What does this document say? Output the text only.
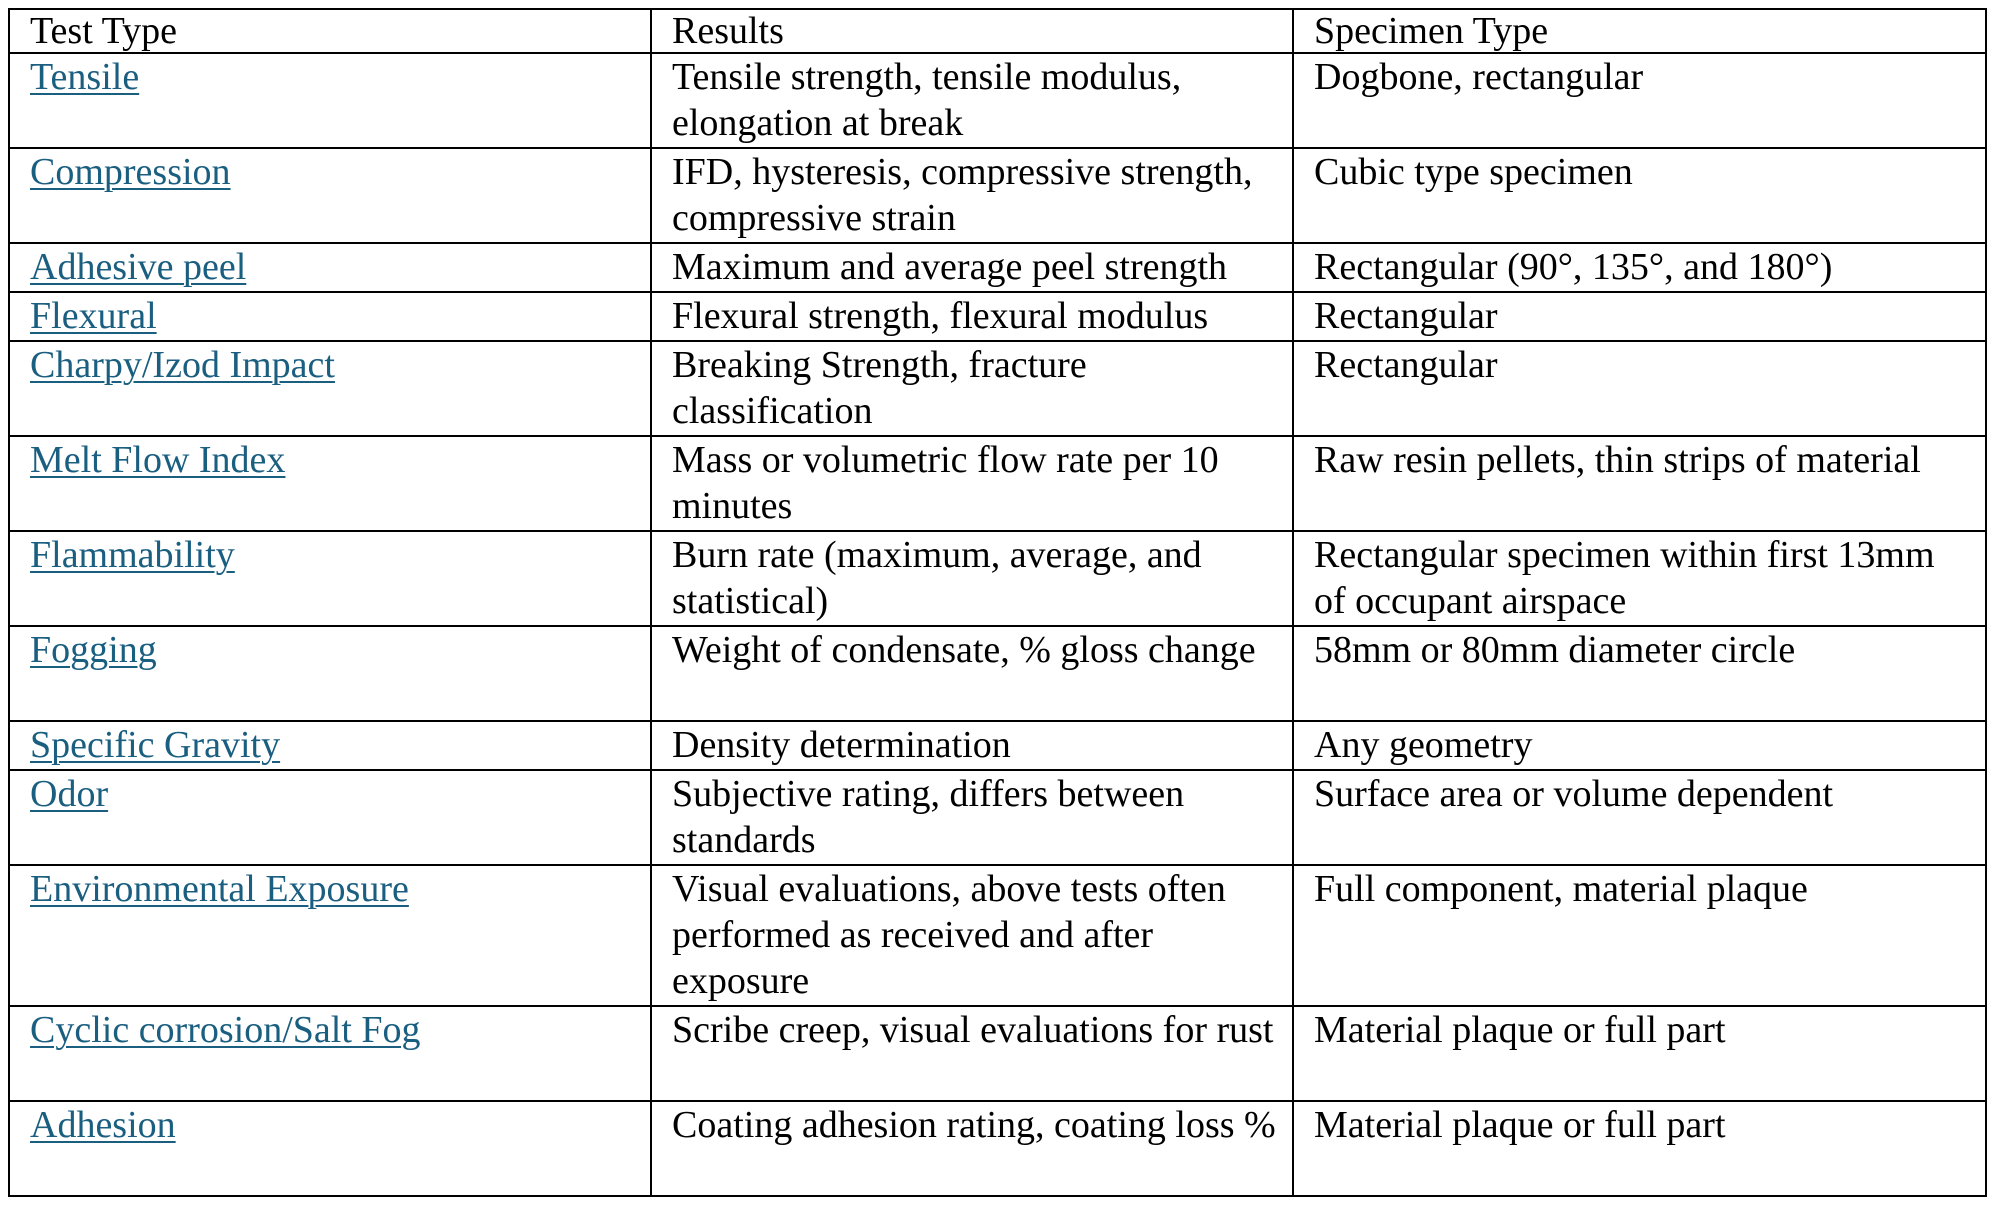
Test Type	Results	Specimen Type
Tensile	Tensile strength, tensile modulus, elongation at break	Dogbone, rectangular
Compression	IFD, hysteresis, compressive strength, compressive strain	Cubic type specimen
Adhesive peel	Maximum and average peel strength	Rectangular (90°, 135°, and 180°)
Flexural	Flexural strength, flexural modulus	Rectangular
Charpy/Izod Impact	Breaking Strength, fracture classification	Rectangular
Melt Flow Index	Mass or volumetric flow rate per 10 minutes	Raw resin pellets, thin strips of material
Flammability	Burn rate (maximum, average, and statistical)	Rectangular specimen within first 13mm of occupant airspace
Fogging	Weight of condensate, % gloss change	58mm or 80mm diameter circle
Specific Gravity	Density determination	Any geometry
Odor	Subjective rating, differs between standards	Surface area or volume dependent
Environmental Exposure	Visual evaluations, above tests often performed as received and after exposure	Full component, material plaque
Cyclic corrosion/Salt Fog	Scribe creep, visual evaluations for rust	Material plaque or full part
Adhesion	Coating adhesion rating, coating loss %	Material plaque or full part
